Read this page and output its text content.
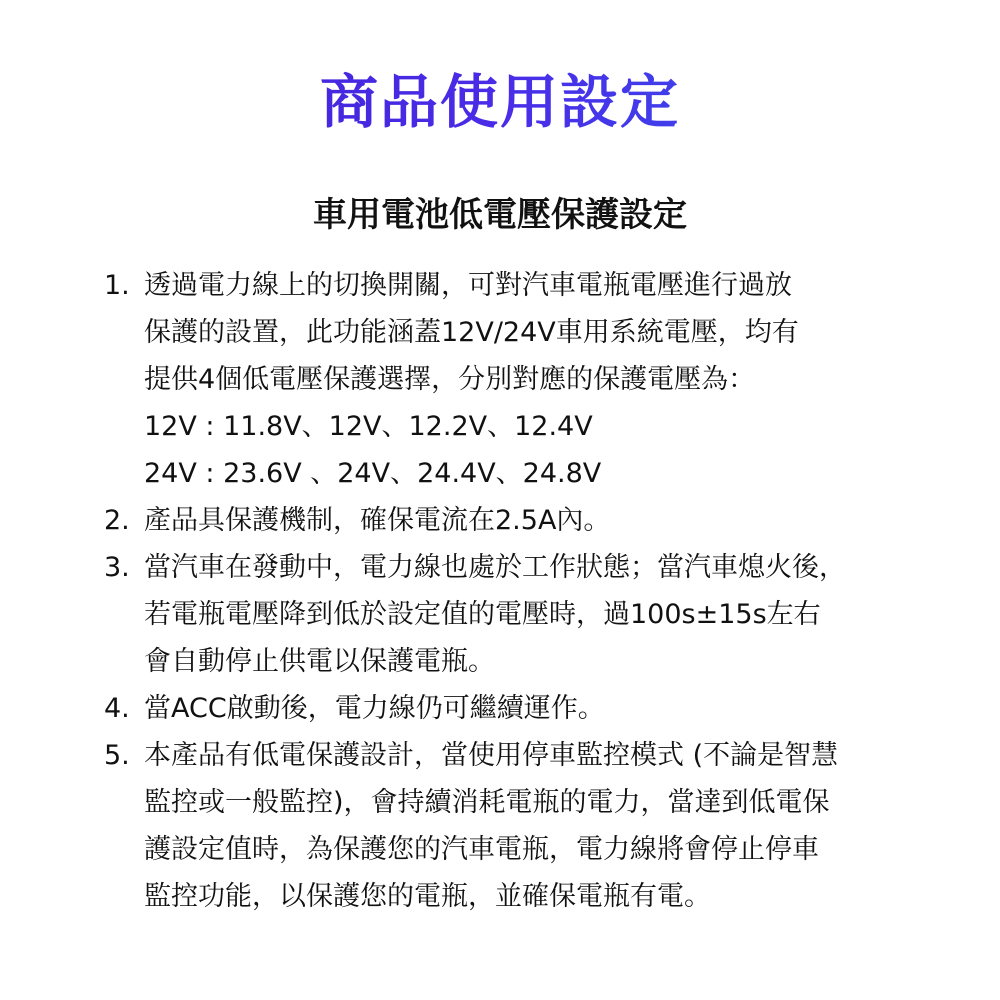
商品使用設定
車用電池低電壓保護設定
1. 透過電力線上的切換開關，可對汽車電瓶電壓進行過放
保護的設置，此功能涵蓋12V/24V車用系統電壓，均有
提供4個低電壓保護選擇，分別對應的保護電壓為：
12V : 11.8V、12V、12.2V、12.4V
24V : 23.6V 、24V、24.4V、24.8V
2. 產品具保護機制，確保電流在2.5A內。
3. 當汽車在發動中，電力線也處於工作狀態；當汽車熄火後，
若電瓶電壓降到低於設定值的電壓時，過100s±15s左右
會自動停止供電以保護電瓶。
4. 當ACC啟動後，電力線仍可繼續運作。
5. 本產品有低電保護設計，當使用停車監控模式 (不論是智慧
監控或一般監控)，會持續消耗電瓶的電力，當達到低電保
護設定值時，為保護您的汽車電瓶，電力線將會停止停車
監控功能，以保護您的電瓶，並確保電瓶有電。
